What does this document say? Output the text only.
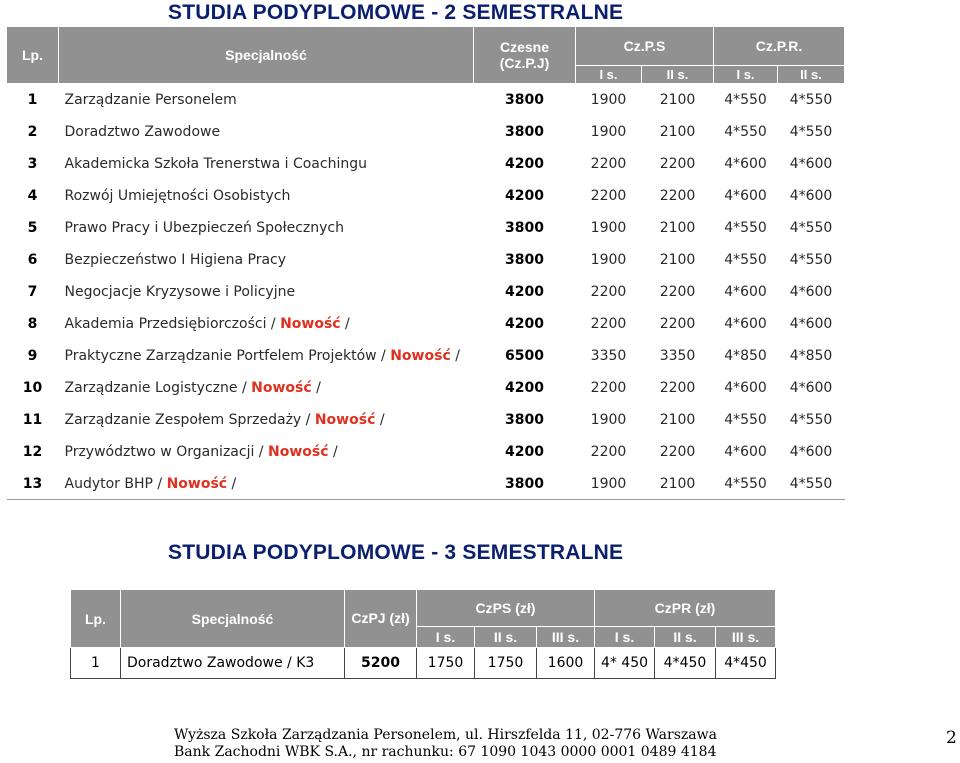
STUDIA PODYPLOMOWE - 2 SEMESTRALNE
Lp.	Specjalność	Czesne (Cz.P.J)	Cz.P.S		Cz.P.R.	
			I s.	II s.	I s.	II s.
1	Zarządzanie Personelem	3800	1900	2100	4*550	4*550
2	Doradztwo Zawodowe	3800	1900	2100	4*550	4*550
3	Akademicka Szkoła Trenerstwa i Coachingu	4200	2200	2200	4*600	4*600
4	Rozwój Umiejętności Osobistych	4200	2200	2200	4*600	4*600
5	Prawo Pracy i Ubezpieczeń Społecznych	3800	1900	2100	4*550	4*550
6	Bezpieczeństwo I Higiena Pracy	3800	1900	2100	4*550	4*550
7	Negocjacje Kryzysowe i Policyjne	4200	2200	2200	4*600	4*600
8	Akademia Przedsiębiorczości / Nowość /	4200	2200	2200	4*600	4*600
9	Praktyczne Zarządzanie Portfelem Projektów / Nowość /	6500	3350	3350	4*850	4*850
10	Zarządzanie Logistyczne / Nowość /	4200	2200	2200	4*600	4*600
11	Zarządzanie Zespołem Sprzedaży / Nowość /	3800	1900	2100	4*550	4*550
12	Przywództwo w Organizacji / Nowość /	4200	2200	2200	4*600	4*600
13	Audytor BHP / Nowość /	3800	1900	2100	4*550	4*550
STUDIA PODYPLOMOWE - 3 SEMESTRALNE
Lp.	Specjalność	CzPJ (zł)	CzPS (zł)			CzPR (zł)		
			I s.	II s.	III s.	I s.	II s.	III s.
1	Doradztwo Zawodowe / K3	5200	1750	1750	1600	4* 450	4*450	4*450
Wyższa Szkoła Zarządzania Personelem, ul. Hirszfelda 11, 02-776 Warszawa
Bank Zachodni WBK S.A., nr rachunku: 67 1090 1043 0000 0001 0489 4184
2
